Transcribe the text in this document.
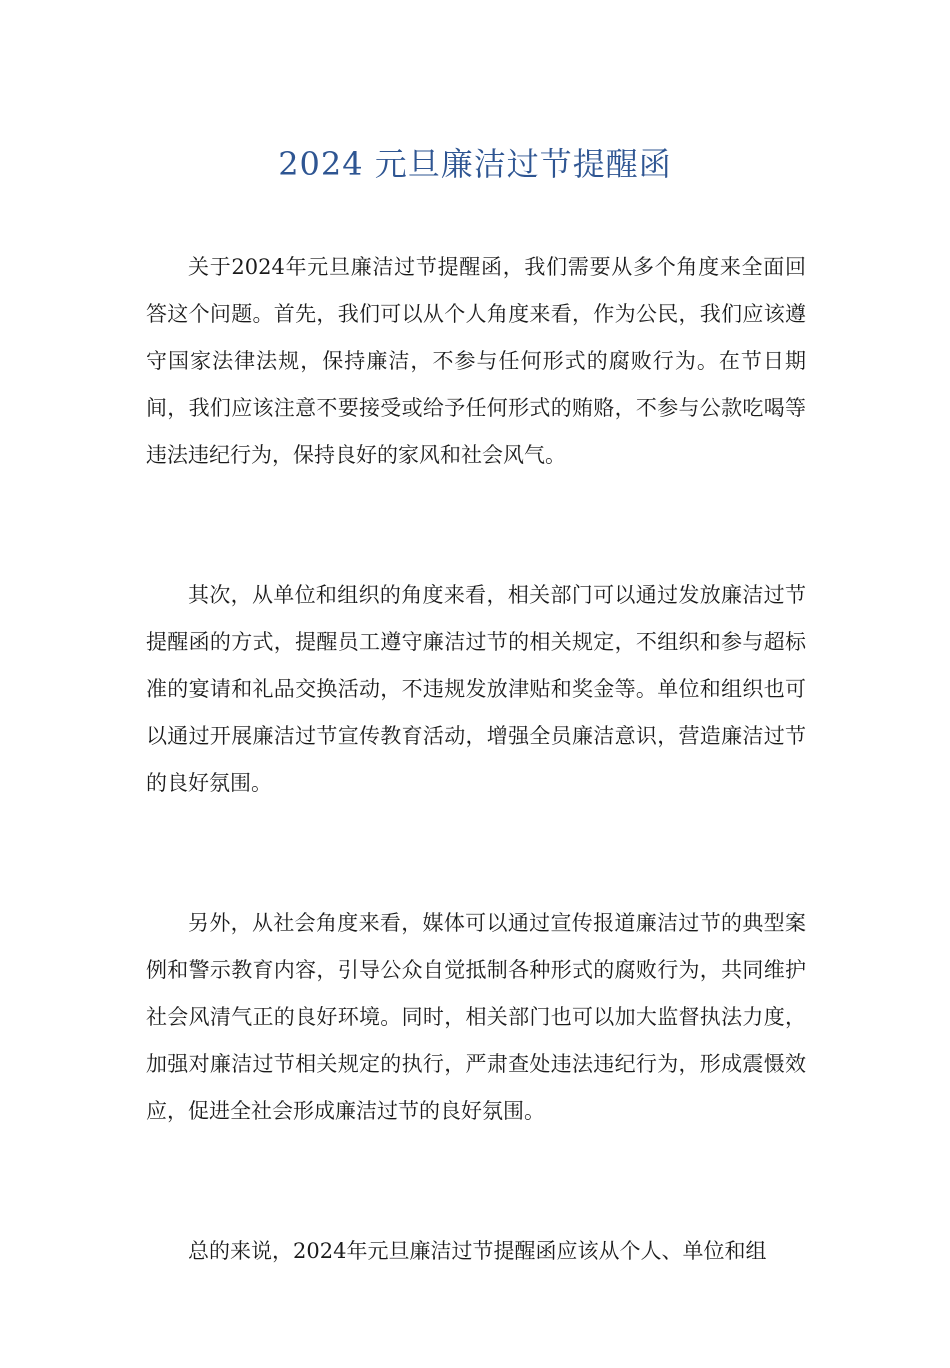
2024 元旦廉洁过节提醒函

关于2024年元旦廉洁过节提醒函，我们需要从多个角度来全面回答这个问题。首先，我们可以从个人角度来看，作为公民，我们应该遵守国家法律法规，保持廉洁，不参与任何形式的腐败行为。在节日期间，我们应该注意不要接受或给予任何形式的贿赂，不参与公款吃喝等违法违纪行为，保持良好的家风和社会风气。

其次，从单位和组织的角度来看，相关部门可以通过发放廉洁过节提醒函的方式，提醒员工遵守廉洁过节的相关规定，不组织和参与超标准的宴请和礼品交换活动，不违规发放津贴和奖金等。单位和组织也可以通过开展廉洁过节宣传教育活动，增强全员廉洁意识，营造廉洁过节的良好氛围。

另外，从社会角度来看，媒体可以通过宣传报道廉洁过节的典型案例和警示教育内容，引导公众自觉抵制各种形式的腐败行为，共同维护社会风清气正的良好环境。同时，相关部门也可以加大监督执法力度，加强对廉洁过节相关规定的执行，严肃查处违法违纪行为，形成震慑效应，促进全社会形成廉洁过节的良好氛围。

总的来说，2024年元旦廉洁过节提醒函应该从个人、单位和组
